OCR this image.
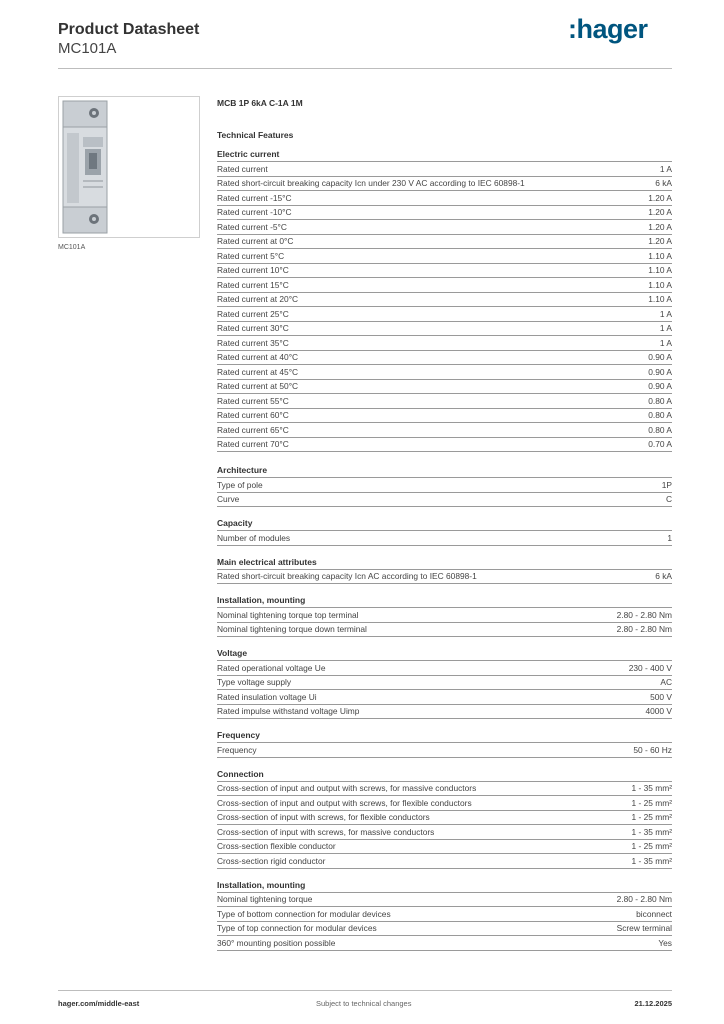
Product Datasheet
MC101A
:hager
MC101A
MCB 1P 6kA C-1A 1M
Technical Features
Electric current
Rated current	1 A
Rated short-circuit breaking capacity Icn under 230 V AC according to IEC 60898-1	6 kA
Rated current -15°C	1.20 A
Rated current -10°C	1.20 A
Rated current -5°C	1.20 A
Rated current at 0°C	1.20 A
Rated current 5°C	1.10 A
Rated current 10°C	1.10 A
Rated current 15°C	1.10 A
Rated current at 20°C	1.10 A
Rated current 25°C	1 A
Rated current 30°C	1 A
Rated current 35°C	1 A
Rated current at 40°C	0.90 A
Rated current at 45°C	0.90 A
Rated current at 50°C	0.90 A
Rated current 55°C	0.80 A
Rated current 60°C	0.80 A
Rated current 65°C	0.80 A
Rated current 70°C	0.70 A
Architecture
Type of pole	1P
Curve	C
Capacity
Number of modules	1
Main electrical attributes
Rated short-circuit breaking capacity Icn AC according to IEC 60898-1	6 kA
Installation, mounting
Nominal tightening torque top terminal	2.80 - 2.80 Nm
Nominal tightening torque down terminal	2.80 - 2.80 Nm
Voltage
Rated operational voltage Ue	230 - 400 V
Type voltage supply	AC
Rated insulation voltage Ui	500 V
Rated impulse withstand voltage Uimp	4000 V
Frequency
Frequency	50 - 60 Hz
Connection
Cross-section of input and output with screws, for massive conductors	1 - 35 mm²
Cross-section of input and output with screws, for flexible conductors	1 - 25 mm²
Cross-section of input with screws, for flexible conductors	1 - 25 mm²
Cross-section of input with screws, for massive conductors	1 - 35 mm²
Cross-section flexible conductor	1 - 25 mm²
Cross-section rigid conductor	1 - 35 mm²
Installation, mounting
Nominal tightening torque	2.80 - 2.80 Nm
Type of bottom connection for modular devices	biconnect
Type of top connection for modular devices	Screw terminal
360° mounting position possible	Yes
hager.com/middle-east	Subject to technical changes	21.12.2025
